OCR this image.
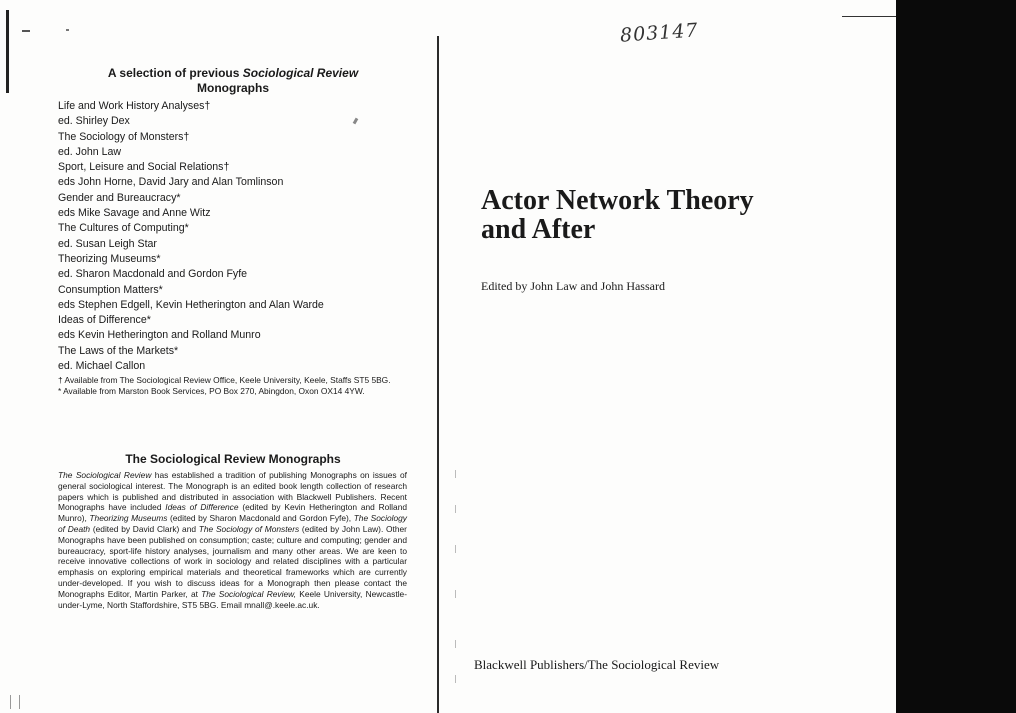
A selection of previous Sociological Review
Monographs
Life and Work History Analyses†
ed. Shirley Dex
The Sociology of Monsters†
ed. John Law
Sport, Leisure and Social Relations†
eds John Horne, David Jary and Alan Tomlinson
Gender and Bureaucracy*
eds Mike Savage and Anne Witz
The Cultures of Computing*
ed. Susan Leigh Star
Theorizing Museums*
ed. Sharon Macdonald and Gordon Fyfe
Consumption Matters*
eds Stephen Edgell, Kevin Hetherington and Alan Warde
Ideas of Difference*
eds Kevin Hetherington and Rolland Munro
The Laws of the Markets*
ed. Michael Callon

† Available from The Sociological Review Office, Keele University, Keele, Staffs ST5 5BG.

* Available from Marston Book Services, PO Box 270, Abingdon, Oxon OX14 4YW.

The Sociological Review Monographs

The Sociological Review has established a tradition of publishing Monographs on issues of general sociological interest. The Monograph is an edited book length collection of research papers which is published and distributed in association with Blackwell Publishers. Recent Monographs have included Ideas of Difference (edited by Kevin Hetherington and Rolland Munro), Theorizing Museums (edited by Sharon Macdonald and Gordon Fyfe), The Sociology of Death (edited by David Clark) and The Sociology of Monsters (edited by John Law). Other Monographs have been published on consumption; caste; culture and computing; gender and bureaucracy, sport-life history analyses, journalism and many other areas. We are keen to receive innovative collections of work in sociology and related disciplines with a particular emphasis on exploring empirical materials and theoretical frameworks which are currently under-developed. If you wish to discuss ideas for a Monograph then please contact the Monographs Editor, Martin Parker, at The Sociological Review, Keele University, Newcastle-under-Lyme, North Staffordshire, ST5 5BG. Email mnall@.keele.ac.uk.

803147
Actor Network Theory
and After
Edited by John Law and John Hassard
Blackwell Publishers/The Sociological Review
